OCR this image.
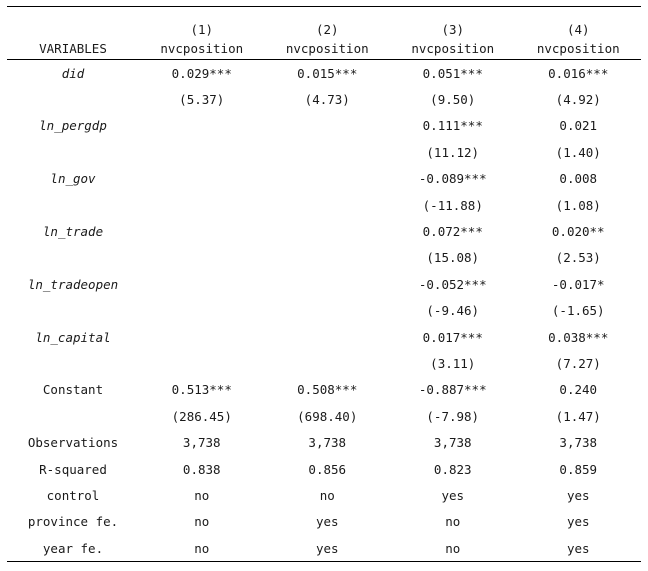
	(1)	(2)	(3)	(4)
VARIABLES	nvcposition	nvcposition	nvcposition	nvcposition
did	0.029***	0.015***	0.051***	0.016***
	(5.37)	(4.73)	(9.50)	(4.92)
ln_pergdp			0.111***	0.021
			(11.12)	(1.40)
ln_gov			-0.089***	0.008
			(-11.88)	(1.08)
ln_trade			0.072***	0.020**
			(15.08)	(2.53)
ln_tradeopen			-0.052***	-0.017*
			(-9.46)	(-1.65)
ln_capital			0.017***	0.038***
			(3.11)	(7.27)
Constant	0.513***	0.508***	-0.887***	0.240
	(286.45)	(698.40)	(-7.98)	(1.47)
Observations	3,738	3,738	3,738	3,738
R-squared	0.838	0.856	0.823	0.859
control	no	no	yes	yes
province fe.	no	yes	no	yes
year fe.	no	yes	no	yes
